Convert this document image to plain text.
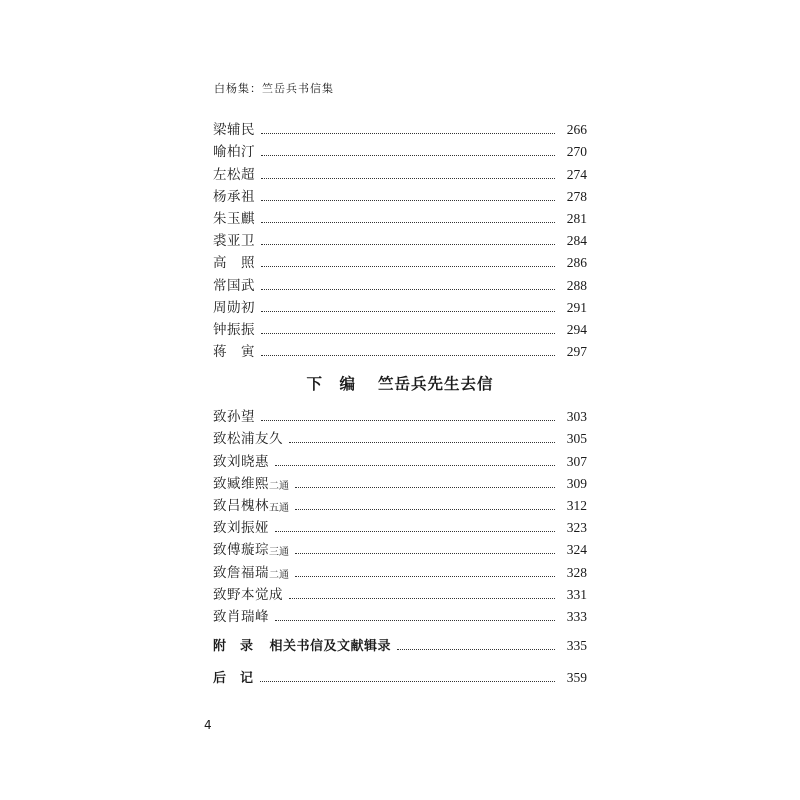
白杨集：竺岳兵书信集
梁辅民	266
喻柏汀	270
左松超	274
杨承祖	278
朱玉麒	281
裘亚卫	284
高　照	286
常国武	288
周勋初	291
钟振振	294
蒋　寅	297
下　编 竺岳兵先生去信
致孙望	303
致松浦友久	305
致刘晓惠	307
致臧维熙 二通	309
致吕槐林 五通	312
致刘振娅	323
致傅璇琮 三通	324
致詹福瑞 二通	328
致野本觉成	331
致肖瑞峰	333
附　录 相关书信及文献辑录	335
后　记	359
4
